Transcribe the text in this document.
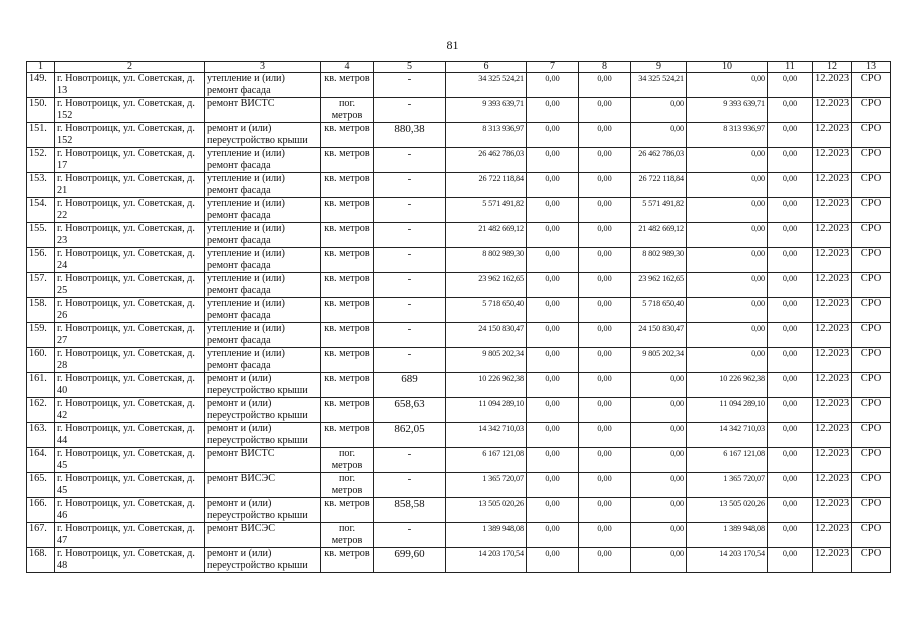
81
1	2	3	4	5	6	7	8	9	10	11	12	13
149.	г. Новотроицк, ул. Советская, д. 13	утепление и (или) ремонт фасада	кв. метров	-	34 325 524,21	0,00	0,00	34 325 524,21	0,00	0,00	12.2023	СРО
150.	г. Новотроицк, ул. Советская, д. 152	ремонт ВИСТС	пог. метров	-	9 393 639,71	0,00	0,00	0,00	9 393 639,71	0,00	12.2023	СРО
151.	г. Новотроицк, ул. Советская, д. 152	ремонт и (или) переустройство крыши	кв. метров	880,38	8 313 936,97	0,00	0,00	0,00	8 313 936,97	0,00	12.2023	СРО
152.	г. Новотроицк, ул. Советская, д. 17	утепление и (или) ремонт фасада	кв. метров	-	26 462 786,03	0,00	0,00	26 462 786,03	0,00	0,00	12.2023	СРО
153.	г. Новотроицк, ул. Советская, д. 21	утепление и (или) ремонт фасада	кв. метров	-	26 722 118,84	0,00	0,00	26 722 118,84	0,00	0,00	12.2023	СРО
154.	г. Новотроицк, ул. Советская, д. 22	утепление и (или) ремонт фасада	кв. метров	-	5 571 491,82	0,00	0,00	5 571 491,82	0,00	0,00	12.2023	СРО
155.	г. Новотроицк, ул. Советская, д. 23	утепление и (или) ремонт фасада	кв. метров	-	21 482 669,12	0,00	0,00	21 482 669,12	0,00	0,00	12.2023	СРО
156.	г. Новотроицк, ул. Советская, д. 24	утепление и (или) ремонт фасада	кв. метров	-	8 802 989,30	0,00	0,00	8 802 989,30	0,00	0,00	12.2023	СРО
157.	г. Новотроицк, ул. Советская, д. 25	утепление и (или) ремонт фасада	кв. метров	-	23 962 162,65	0,00	0,00	23 962 162,65	0,00	0,00	12.2023	СРО
158.	г. Новотроицк, ул. Советская, д. 26	утепление и (или) ремонт фасада	кв. метров	-	5 718 650,40	0,00	0,00	5 718 650,40	0,00	0,00	12.2023	СРО
159.	г. Новотроицк, ул. Советская, д. 27	утепление и (или) ремонт фасада	кв. метров	-	24 150 830,47	0,00	0,00	24 150 830,47	0,00	0,00	12.2023	СРО
160.	г. Новотроицк, ул. Советская, д. 28	утепление и (или) ремонт фасада	кв. метров	-	9 805 202,34	0,00	0,00	9 805 202,34	0,00	0,00	12.2023	СРО
161.	г. Новотроицк, ул. Советская, д. 40	ремонт и (или) переустройство крыши	кв. метров	689	10 226 962,38	0,00	0,00	0,00	10 226 962,38	0,00	12.2023	СРО
162.	г. Новотроицк, ул. Советская, д. 42	ремонт и (или) переустройство крыши	кв. метров	658,63	11 094 289,10	0,00	0,00	0,00	11 094 289,10	0,00	12.2023	СРО
163.	г. Новотроицк, ул. Советская, д. 44	ремонт и (или) переустройство крыши	кв. метров	862,05	14 342 710,03	0,00	0,00	0,00	14 342 710,03	0,00	12.2023	СРО
164.	г. Новотроицк, ул. Советская, д. 45	ремонт ВИСТС	пог. метров	-	6 167 121,08	0,00	0,00	0,00	6 167 121,08	0,00	12.2023	СРО
165.	г. Новотроицк, ул. Советская, д. 45	ремонт ВИСЭС	пог. метров	-	1 365 720,07	0,00	0,00	0,00	1 365 720,07	0,00	12.2023	СРО
166.	г. Новотроицк, ул. Советская, д. 46	ремонт и (или) переустройство крыши	кв. метров	858,58	13 505 020,26	0,00	0,00	0,00	13 505 020,26	0,00	12.2023	СРО
167.	г. Новотроицк, ул. Советская, д. 47	ремонт ВИСЭС	пог. метров	-	1 389 948,08	0,00	0,00	0,00	1 389 948,08	0,00	12.2023	СРО
168.	г. Новотроицк, ул. Советская, д. 48	ремонт и (или) переустройство крыши	кв. метров	699,60	14 203 170,54	0,00	0,00	0,00	14 203 170,54	0,00	12.2023	СРО
